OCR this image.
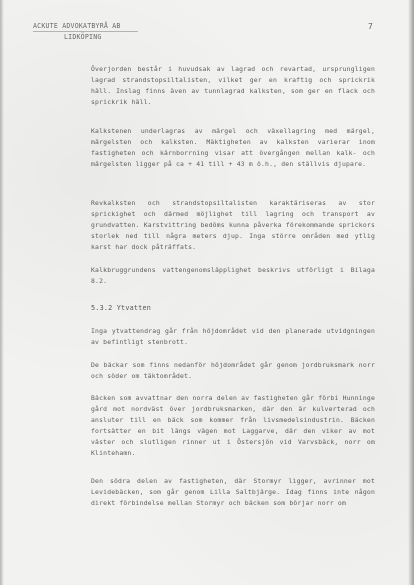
ACKUTE ADVOKATBYRÅ AB
LIDKÖPING
7
Överjorden består i huvudsak av lagrad och revartad, ursprungligen lagrad strandstopsiltalisten, vilket ger en kraftig och sprickrik häll. Inslag finns även av tunnlagrad kalksten, som ger en flack och sprickrik häll.
Kalkstenen underlagras av märgel och växellagring med märgel, märgelsten och kalksten. Mäktigheten av kalksten varierar inom fastigheten och kärnborrning visar att övergången mellan kalk- och märgelsten ligger på ca + 41 till + 43 m ö.h., den ställvis djupare.
Revkalksten och strandstopsiltalisten karaktäriseras av stor sprickighet och därmed möjlighet till lagring och transport av grundvatten. Karstvittring bedöms kunna påverka förekommande sprickors storlek ned till några meters djup. Inga större områden med ytlig karst har dock påträffats.
Kalkbruggrundens vattengenomsläpplighet beskrivs utförligt i Bilaga 8.2.
5.3.2 Ytvatten
Inga ytvattendrag går från höjdområdet vid den planerade utvidgningen av befintligt stenbrott.
De bäckar som finns nedanför höjdområdet går genom jordbruksmark norr och söder om täktområdet.
Bäcken som avvattnar den norra delen av fastigheten går förbi Hunninge gård mot nordväst över jordbruksmarken, där den är kulverterad och ansluter till en bäck som kommer från livsmedelsindustrin. Bäcken fortsätter en bit längs vägen mot Laggarve, där den viker av mot väster och slutligen rinner ut i Östersjön vid Varvsbäck, norr om Klintehamn.
Den södra delen av fastigheten, där Stormyr ligger, avrinner mot Levidebäcken, som går genom Lilla Saltbjärge. Idag finns inte någon direkt förbindelse mellan Stormyr och bäcken som börjar norr om
